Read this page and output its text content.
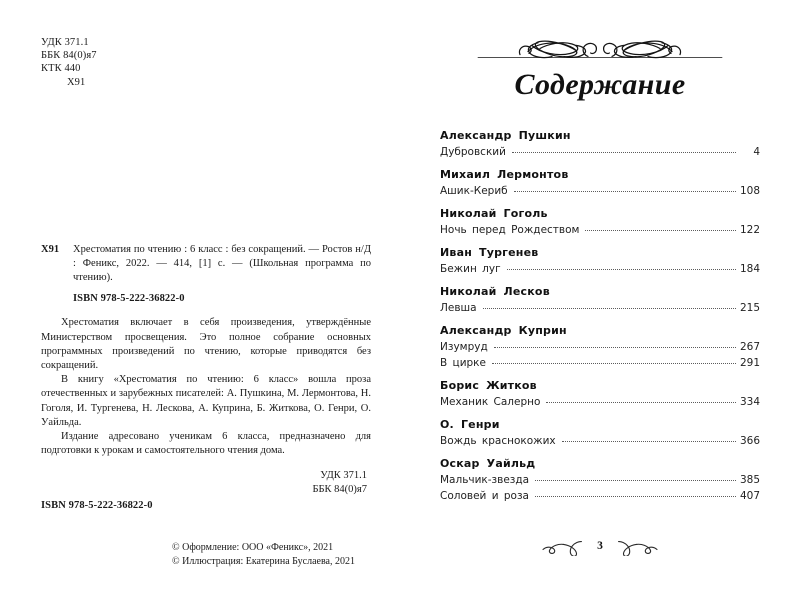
УДК 371.1
ББК 84(0)я7
КТК 440
Х91
Х91	Хрестоматия по чтению : 6 класс : без сокращений. — Ростов н/Д : Феникс, 2022. — 414, [1] с. — (Школьная программа по чтению).
ISBN 978-5-222-36822-0

Хрестоматия включает в себя произведения, утверждённые Министерством просвещения. Это полное собрание основных программных произведений по чтению, которые приводятся без сокращений.

В книгу «Хрестоматия по чтению: 6 класс» вошла проза отечественных и зарубежных писателей: А. Пушкина, М. Лермонтова, Н. Гоголя, И. Тургенева, Н. Лескова, А. Куприна, Б. Житкова, О. Генри, О. Уайльда.

Издание адресовано ученикам 6 класса, предназначено для подготовки к урокам и самостоятельного чтения дома.

УДК 371.1
ББК 84(0)я7
ISBN 978-5-222-36822-0
© Оформление: ООО «Феникс», 2021
© Иллюстрация: Екатерина Буслаева, 2021
Содержание
Александр Пушкин
Дубровский	4
Михаил Лермонтов
Ашик-Кериб	108
Николай Гоголь
Ночь перед Рождеством	122
Иван Тургенев
Бежин луг	184
Николай Лесков
Левша	215
Александр Куприн
Изумруд	267
В цирке	291
Борис Житков
Механик Салерно	334
О. Генри
Вождь краснокожих	366
Оскар Уайльд
Мальчик-звезда	385
Соловей и роза	407
3
